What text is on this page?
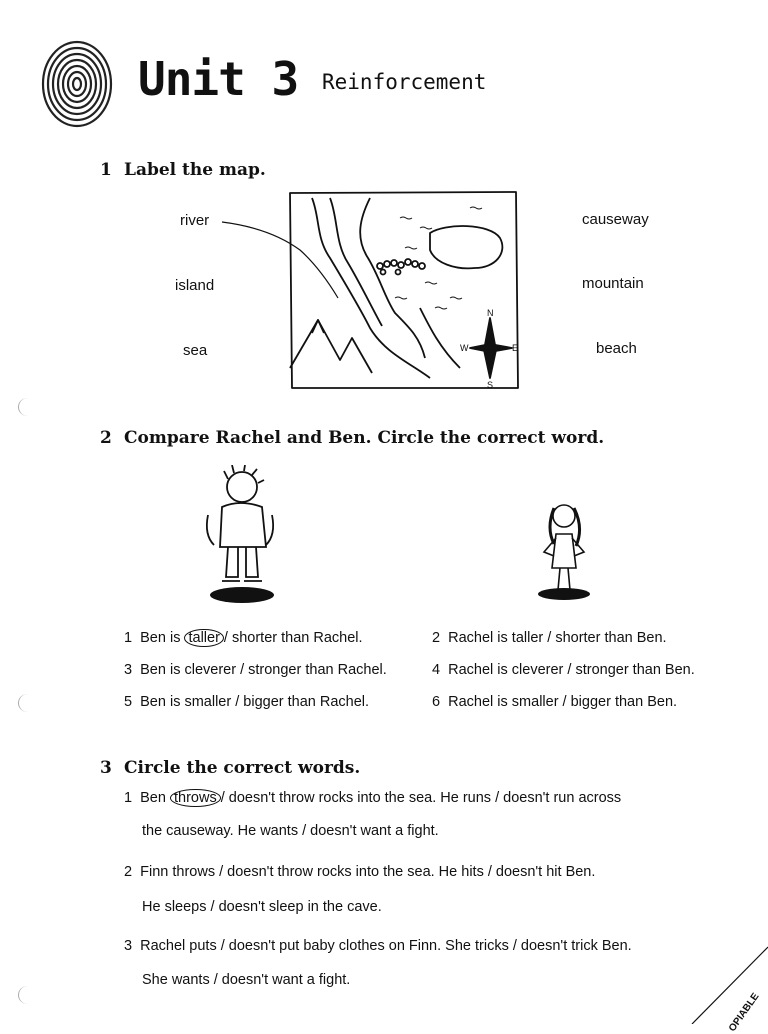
Unit 3 Reinforcement
1 Label the map.
river
island
sea
causeway
mountain
beach
N
S
E
W
2 Compare Rachel and Ben. Circle the correct word.
1 Ben is taller / shorter than Rachel.	2 Rachel is taller / shorter than Ben.
3 Ben is cleverer / stronger than Rachel.	4 Rachel is cleverer / stronger than Ben.
5 Ben is smaller / bigger than Rachel.	6 Rachel is smaller / bigger than Ben.
3 Circle the correct words.
1 Ben throws / doesn't throw rocks into the sea. He runs / doesn't run across
the causeway. He wants / doesn't want a fight.
2 Finn throws / doesn't throw rocks into the sea. He hits / doesn't hit Ben.
He sleeps / doesn't sleep in the cave.
3 Rachel puts / doesn't put baby clothes on Finn. She tricks / doesn't trick Ben.
She wants / doesn't want a fight.
OPIABLE
